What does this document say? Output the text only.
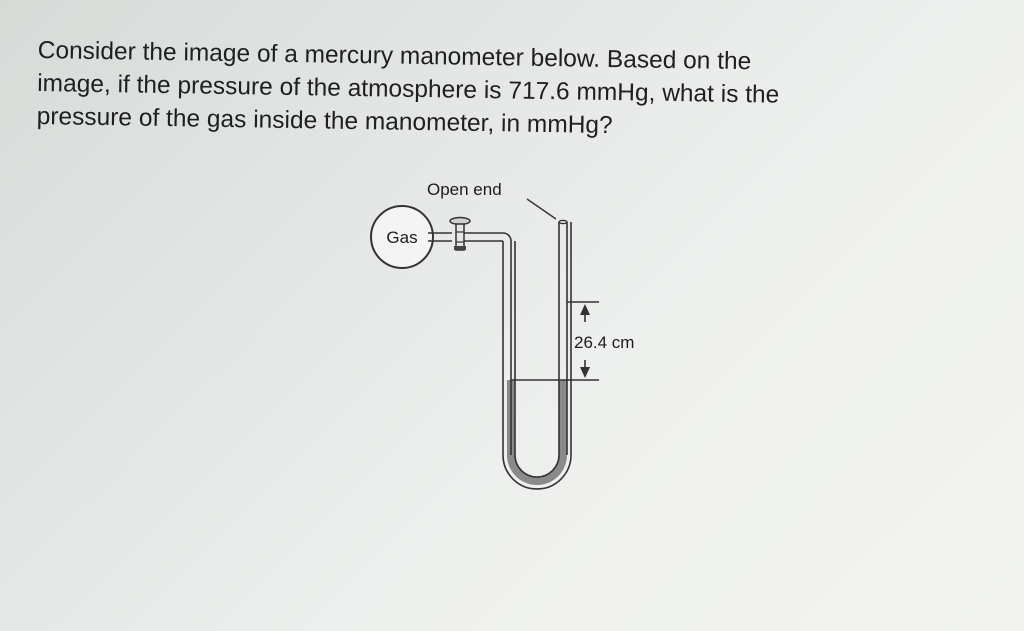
Consider the image of a mercury manometer below. Based on the
image, if the pressure of the atmosphere is 717.6 mmHg, what is the
pressure of the gas inside the manometer, in mmHg?
Gas
Open end
26.4 cm
